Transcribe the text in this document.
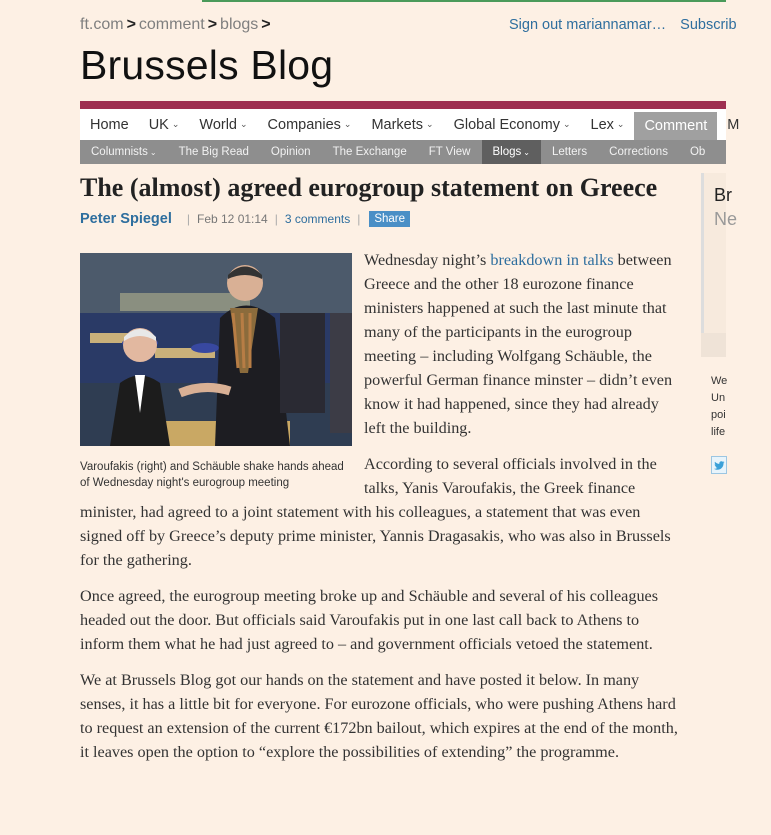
ft.com > comment > blogs >	Sign out mariannamar… Subscrib
Brussels Blog
Home UK ⌄ World ⌄ Companies ⌄ Markets ⌄ Global Economy ⌄ Lex ⌄ Comment M
Columnists ⌄ The Big Read Opinion The Exchange FT View Blogs ⌄ Letters Corrections Ob
The (almost) agreed eurogroup statement on Greece
Peter Spiegel | Feb 12 01:14 | 3 comments |	Share
Varoufakis (right) and Schäuble shake hands ahead of Wednesday night's eurogroup meeting

Wednesday night’s breakdown in talks between Greece and the other 18 eurozone finance ministers happened at such the last minute that many of the participants in the eurogroup meeting – including Wolfgang Schäuble, the powerful German finance minster – didn’t even know it had happened, since they had already left the building.

According to several officials involved in the talks, Yanis Varoufakis, the Greek finance minister, had agreed to a joint statement with his colleagues, a statement that was even signed off by Greece’s deputy prime minister, Yannis Dragasakis, who was also in Brussels for the gathering.

Once agreed, the eurogroup meeting broke up and Schäuble and several of his colleagues headed out the door. But officials said Varoufakis put in one last call back to Athens to inform them what he had just agreed to – and government officials vetoed the statement.

We at Brussels Blog got our hands on the statement and have posted it below. In many senses, it has a little bit for everyone. For eurozone officials, who were pushing Athens hard to request an extension of the current €172bn bailout, which expires at the end of the month, it leaves open the option to “explore the possibilities of extending” the programme.

Br
Ne
We
Un
poi
life
